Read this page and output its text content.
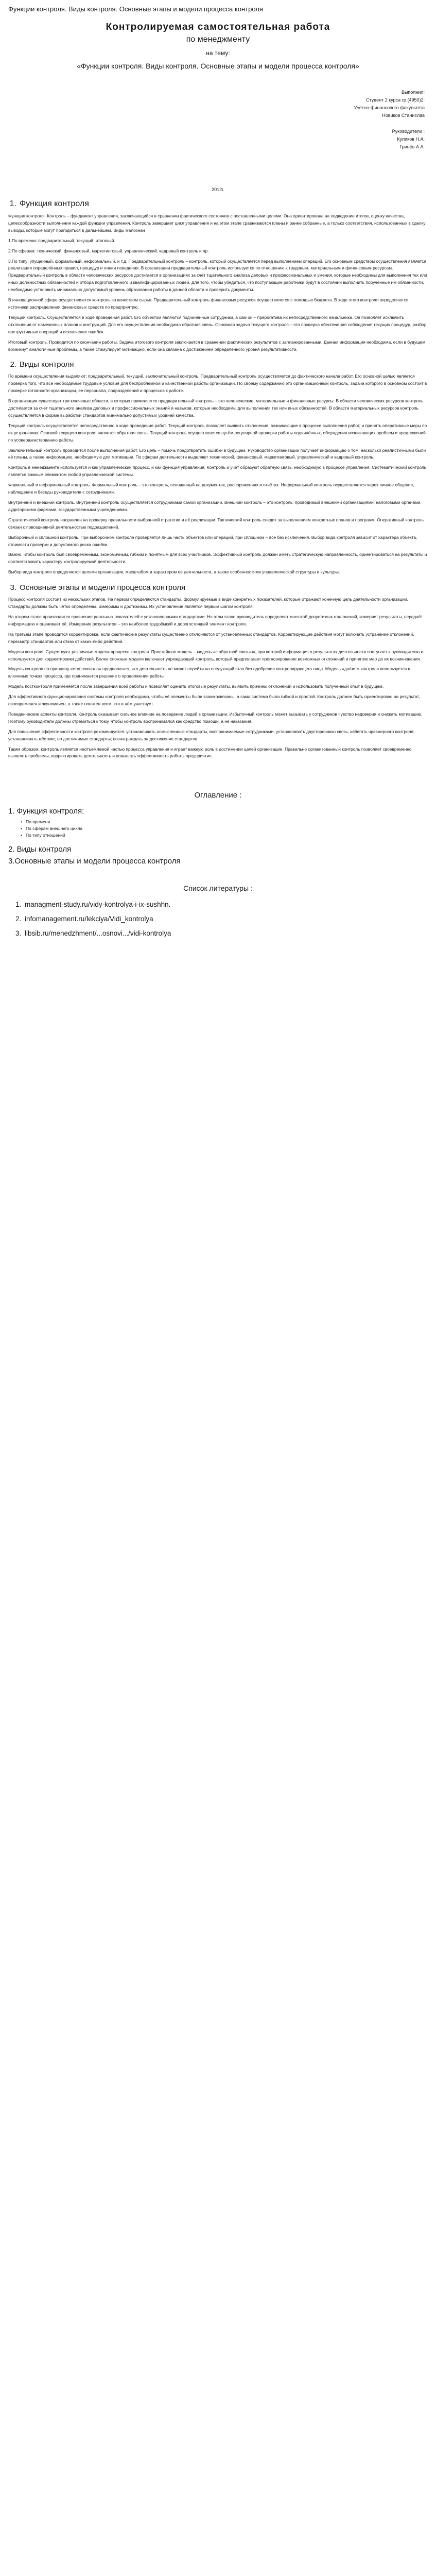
Функции контроля. Виды контроля. Основные этапы и модели процесса контроля
Контролируемая самостоятельная работа
по менеджменту
на тему:
«Функции контроля. Виды контроля. Основные этапы и модели процесса контроля»

Выполнил:

Студент 2 курса гр.(4950)2:

Учётно-финансового факультета

Новиков Станислав

Руководители :

Куликов Н.А.

Гринёв А.А.

2012г.
1. Функция контроля

Функция контроля. Контроль – фундамент управления, заключающийся в сравнении фактического состояния с поставленными целями. Она ориентирована на подведение итогов, оценку качества, целесообразности выполнения каждой функции управления. Контроль завершает цикл управления и на этом этапе сравниваются планы и ранее собранные, а только соответствия, использованных в сделку выводы, которые могут пригодиться в дальнейшем. Виды малознан

1.По времени: предварительный, текущий, итоговый.

2.По сферам: технический, финансовый, маркетинговый, управленческий, кадровый контроль и пр.

3.По типу: упущенный, формальный, неформальный, и т.д. Предварительный контроль – контроль, который осуществляется перед выполнением операций. Его основным средством осуществления является реализация определённых правил, процедур и линии поведения. В организации предварительный контроль используется по отношению к трудовым, материальным и финансовым ресурсам. Предварительный контроль в области человеческих ресурсов достигается в организациях за счёт тщательного анализа деловых и профессиональных и умения, которые необходимы для выполнения тех или иных должностных обязанностей и отбора подготовленного и квалифицированных людей. Для того, чтобы убедиться, что поступающие работники будут в состоянии выполнить порученные им обязанности, необходимо установить минимально допустимый уровень образования работы в данной области и проверить документы.

В инновационной сфере осуществляется контроль за качеством сырья. Предварительный контроль финансовых ресурсов осуществляется с помощью бюджета. В ходе этого контроля определяются источники распределения финансовых средств по предприятию.

Текущий контроль. Осуществляется в ходе проведения работ. Его объектом являются подчинённые сотрудники, а сам он – прерогатива их непосредственного начальника. Он позволяет исключить отклонения от намеченных планов и инструкций. Для его осуществления необходима обратная связь. Основная задача текущего контроля – это проверка обеспечения соблюдения текущих процедур, разбор инструктивных операций и исключение ошибок.

Итоговый контроль. Проводится по окончании работы. Задача итогового контроля заключается в сравнении фактических результатов с запланированными. Данная информация необходима, если в будущем возникнут аналогичные проблемы, а также стимулирует мотивацию, если она связана с достижением определённого уровня результативности.

2. Виды контроля

По времени осуществления выделяют: предварительный, текущий, заключительный контроль. Предварительный контроль осуществляется до фактического начала работ. Его основной целью является проверка того, что все необходимые трудовые условия для беспроблемной и качественной работы организации. По своему содержанию это организационный контроль, задача которого в основном состоит в проверке готовности организации, ее персонала, подразделений и процессов к работе.

В организации существует три ключевые области, в которых применяется предварительный контроль – это человеческие, материальные и финансовые ресурсы. В области человеческих ресурсов контроль достигается за счёт тщательного анализа деловых и профессиональных знаний и навыков, которые необходимы для выполнения тех или иных обязанностей. В области материальных ресурсов контроль осуществляется в форме выработки стандартов минимально допустимых уровней качества.

Текущий контроль осуществляется непосредственно в ходе проведения работ. Текущий контроль позволяет выявить отклонения, возникающие в процессе выполнения работ, и принять оперативные меры по их устранению. Основой текущего контроля является обратная связь. Текущий контроль осуществляется путём регулярной проверки работы подчинённых, обсуждения возникающих проблем и предложений по усовершенствованию работы.

Заключительный контроль проводится после выполнения работ. Его цель – помочь предотвратить ошибки в будущем. Руководство организации получает информацию о том, насколько реалистичными были её планы, а также информацию, необходимую для мотивации. По сферам деятельности выделяют технический, финансовый, маркетинговый, управленческий и кадровый контроль.

Контроль в менеджменте используется и как управленческий процесс, и как функция управления. Контроль и учёт образуют обратную связь, необходимую в процессе управления. Систематический контроль является важным элементом любой управленческой системы.

Формальный и неформальный контроль. Формальный контроль – это контроль, основанный на документах, распоряжениях и отчётах. Неформальный контроль осуществляется через личное общение, наблюдение и беседы руководителя с сотрудниками.

Внутренний и внешний контроль. Внутренний контроль осуществляется сотрудниками самой организации. Внешний контроль – это контроль, проводимый внешними организациями: налоговыми органами, аудиторскими фирмами, государственными учреждениями.

Стратегический контроль направлен на проверку правильности выбранной стратегии и её реализации. Тактический контроль следит за выполнением конкретных планов и программ. Оперативный контроль связан с повседневной деятельностью подразделений.

Выборочный и сплошной контроль. При выборочном контроле проверяется лишь часть объектов или операций, при сплошном – все без исключения. Выбор вида контроля зависит от характера объекта, стоимости проверки и допустимого риска ошибки.

Важно, чтобы контроль был своевременным, экономичным, гибким и понятным для всех участников. Эффективный контроль должен иметь стратегическую направленность, ориентироваться на результаты и соответствовать характеру контролируемой деятельности.

Выбор вида контроля определяется целями организации, масштабом и характером её деятельности, а также особенностями управленческой структуры и культуры.

3. Основные этапы и модели процесса контроля

Процесс контроля состоит из нескольких этапов. На первом определяются стандарты, формулируемые в виде конкретных показателей, которые отражают конечную цель деятельности организации. Стандарты должны быть чётко определены, измеримы и достижимы. Их установление является первым шагом контроля.

На втором этапе производится сравнение реальных показателей с установленными стандартами. На этом этапе руководитель определяет масштаб допустимых отклонений, измеряет результаты, передаёт информацию и оценивает её. Измерение результатов – это наиболее трудоёмкий и дорогостоящий элемент контроля.

На третьем этапе проводится корректировка, если фактические результаты существенно отклоняются от установленных стандартов. Корректирующие действия могут включать устранение отклонений, пересмотр стандартов или отказ от каких-либо действий.

Модели контроля. Существуют различные модели процесса контроля. Простейшая модель – модель «с обратной связью», при которой информация о результатах деятельности поступает к руководителю и используется для корректировки действий. Более сложные модели включают упреждающий контроль, который предполагает прогнозирование возможных отклонений и принятие мер до их возникновения.

Модель контроля по принципу «стоп-сигнала» предполагает, что деятельность не может перейти на следующий этап без одобрения контролирующего лица. Модель «да/нет» контроля используется в ключевых точках процесса, где принимается решение о продолжении работы.

Модель постконтроля применяется после завершения всей работы и позволяет оценить итоговые результаты, выявить причины отклонений и использовать полученный опыт в будущем.

Для эффективного функционирования системы контроля необходимо, чтобы её элементы были взаимосвязаны, а сама система была гибкой и простой. Контроль должен быть ориентирован на результат, своевременен и экономичен, а также понятен всем, кто в нём участвует.

Поведенческие аспекты контроля. Контроль оказывает сильное влияние на поведение людей в организации. Избыточный контроль может вызывать у сотрудников чувство недоверия и снижать мотивацию. Поэтому руководители должны стремиться к тому, чтобы контроль воспринимался как средство помощи, а не наказания.

Для повышения эффективности контроля рекомендуется: устанавливать осмысленные стандарты, воспринимаемые сотрудниками; устанавливать двустороннюю связь; избегать чрезмерного контроля; устанавливать жёсткие, но достижимые стандарты; вознаграждать за достижение стандартов.

Таким образом, контроль является неотъемлемой частью процесса управления и играет важную роль в достижении целей организации. Правильно организованный контроль позволяет своевременно выявлять проблемы, корректировать деятельность и повышать эффективность работы предприятия.

Оглавление :
1. Функция контроля:
• По времени
• По сферам внешнего цикла
• По типу отношений
2. Виды контроля
3.Основные этапы и модели процесса контроля
Список литературы :
1. managment-study.ru/vidy-kontrolya-i-ix-sushhn.
2. infomanagement.ru/lekciya/Vidi_kontrolya
3. libsib.ru/menedzhment/...osnovi.../vidi-kontrolya
